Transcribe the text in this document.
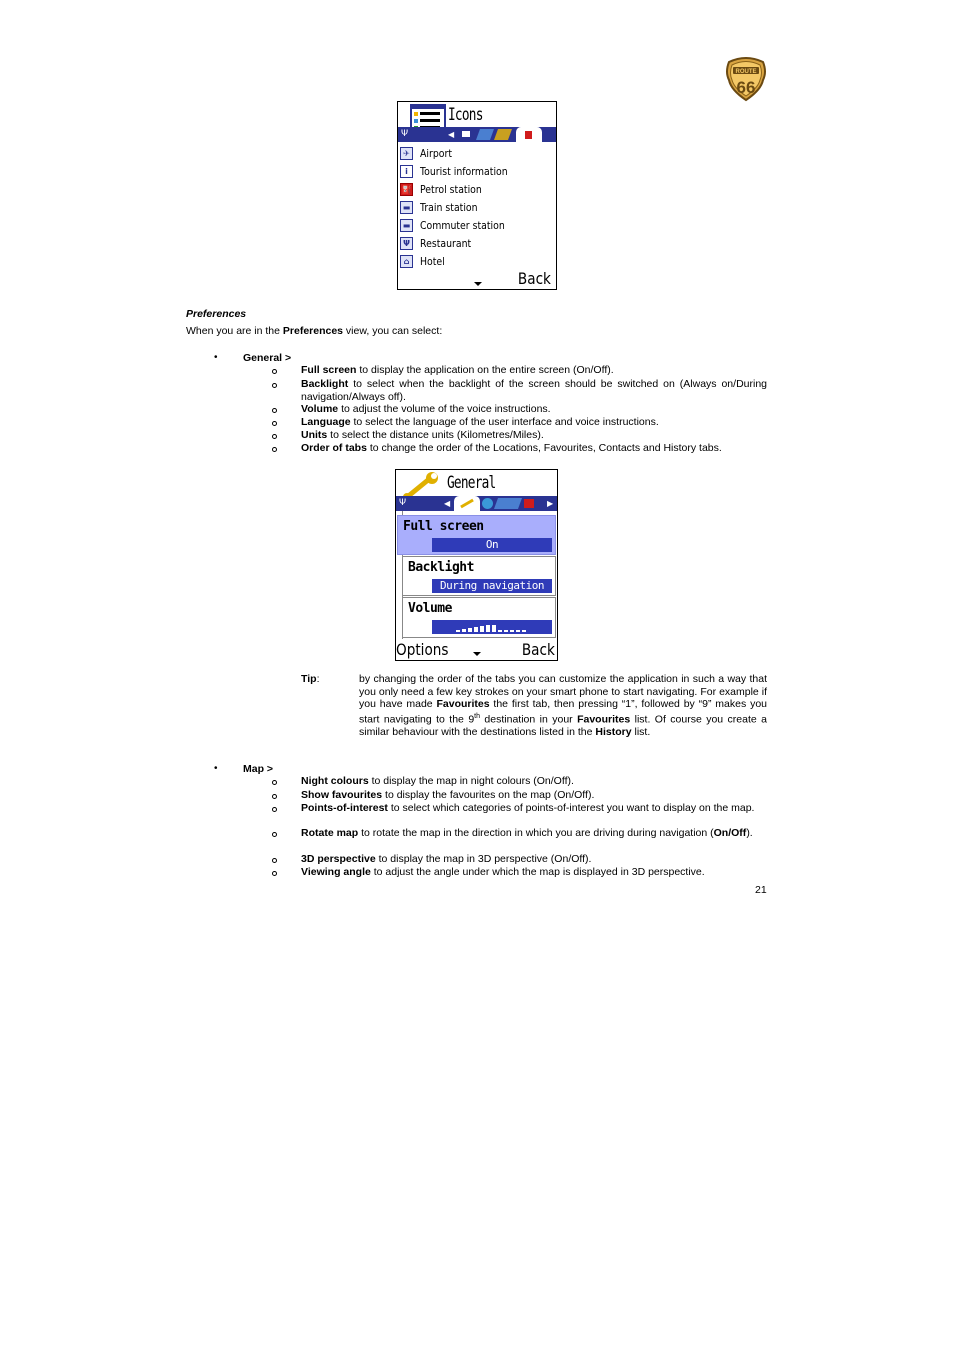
ROUTE
66
Icons
Ψ	◀
✈ Airport
i	Tourist information
⛽ Petrol station
▬ Train station
▬ Commuter station
Ψ Restaurant
⌂ Hotel
Back
Preferences
When you are in the Preferences view, you can select:
• General >
Full screen to display the application on the entire screen (On/Off).
Backlight to select when the backlight of the screen should be switched on (Always on/During navigation/Always off).
Volume to adjust the volume of the voice instructions.
Language to select the language of the user interface and voice instructions.
Units to select the distance units (Kilometres/Miles).
Order of tabs to change the order of the Locations, Favourites, Contacts and History tabs.
General
Ψ	◀	▶
Full screen
On
Backlight
During navigation
Volume
Options	Back
Tip:	by changing the order of the tabs you can customize the application in such a way that you only need a few key strokes on your smart phone to start navigating. For example if you have made Favourites the first tab, then pressing “1”, followed by “9” makes you start navigating to the 9th destination in your Favourites list. Of course you create a similar behaviour with the destinations listed in the History list.
• Map >
Night colours to display the map in night colours (On/Off).
Show favourites to display the favourites on the map (On/Off).
Points-of-interest to select which categories of points-of-interest you want to display on the map.
Rotate map to rotate the map in the direction in which you are driving during navigation (On/Off).
3D perspective to display the map in 3D perspective (On/Off).
Viewing angle to adjust the angle under which the map is displayed in 3D perspective.
21
